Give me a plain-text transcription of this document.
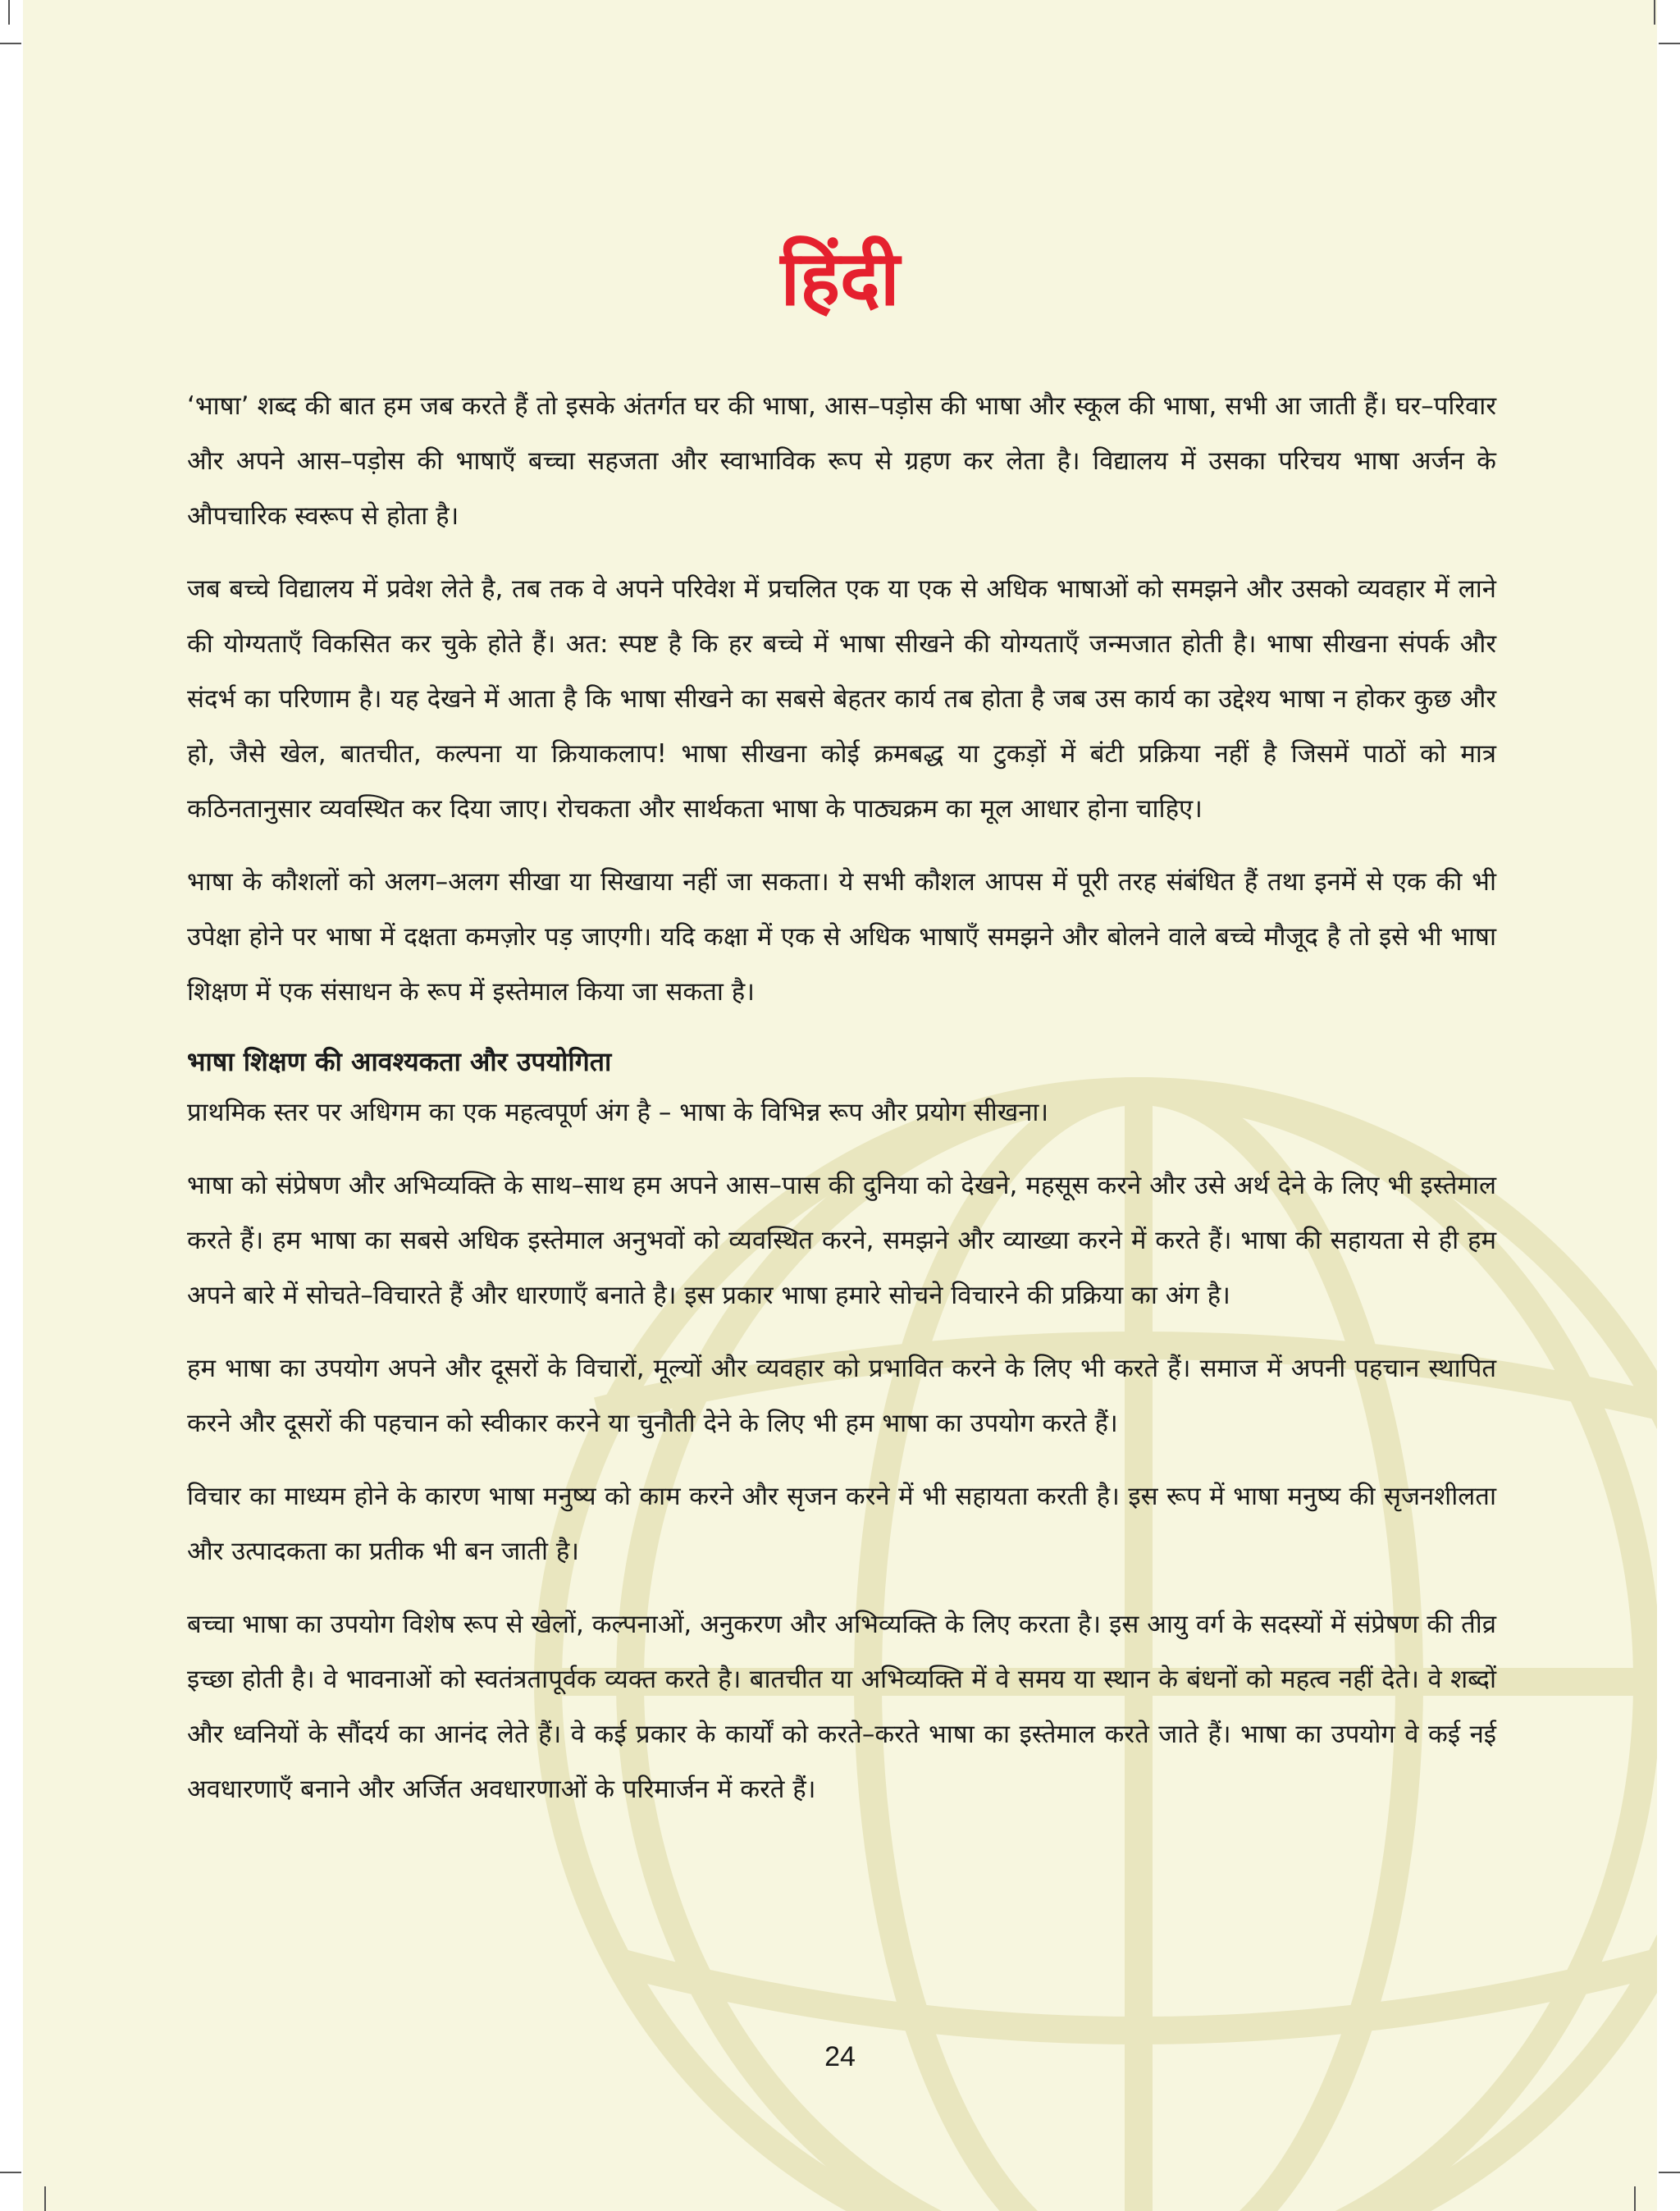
हिंदी

‘भाषा’ शब्द की बात हम जब करते हैं तो इसके अंतर्गत घर की भाषा, आस–पड़ोस की भाषा और स्कूल की भाषा, सभी आ जाती हैं। घर–परिवार और अपने आस–पड़ोस की भाषाएँ बच्चा सहजता और स्वाभाविक रूप से ग्रहण कर लेता है। विद्यालय में उसका परिचय भाषा अर्जन के औपचारिक स्वरूप से होता है।

जब बच्चे विद्यालय में प्रवेश लेते है, तब तक वे अपने परिवेश में प्रचलित एक या एक से अधिक भाषाओं को समझने और उसको व्यवहार में लाने की योग्यताएँ विकसित कर चुके होते हैं। अत: स्पष्ट है कि हर बच्चे में भाषा सीखने की योग्यताएँ जन्मजात होती है। भाषा सीखना संपर्क और संदर्भ का परिणाम है। यह देखने में आता है कि भाषा सीखने का सबसे बेहतर कार्य तब होता है जब उस कार्य का उद्देश्य भाषा न होकर कुछ और हो, जैसे खेल, बातचीत, कल्पना या क्रियाकलाप! भाषा सीखना कोई क्रमबद्ध या टुकड़ों में बंटी प्रक्रिया नहीं है जिसमें पाठों को मात्र कठिनतानुसार व्यवस्थित कर दिया जाए। रोचकता और सार्थकता भाषा के पाठ्यक्रम का मूल आधार होना चाहिए।

भाषा के कौशलों को अलग–अलग सीखा या सिखाया नहीं जा सकता। ये सभी कौशल आपस में पूरी तरह संबंधित हैं तथा इनमें से एक की भी उपेक्षा होने पर भाषा में दक्षता कमज़ोर पड़ जाएगी। यदि कक्षा में एक से अधिक भाषाएँ समझने और बोलने वाले बच्चे मौजूद है तो इसे भी भाषा शिक्षण में एक संसाधन के रूप में इस्तेमाल किया जा सकता है।

भाषा शिक्षण की आवश्यकता और उपयोगिता

प्राथमिक स्तर पर अधिगम का एक महत्वपूर्ण अंग है – भाषा के विभिन्न रूप और प्रयोग सीखना।

भाषा को संप्रेषण और अभिव्यक्ति के साथ–साथ हम अपने आस–पास की दुनिया को देखने, महसूस करने और उसे अर्थ देने के लिए भी इस्तेमाल करते हैं। हम भाषा का सबसे अधिक इस्तेमाल अनुभवों को व्यवस्थित करने, समझने और व्याख्या करने में करते हैं। भाषा की सहायता से ही हम अपने बारे में सोचते–विचारते हैं और धारणाएँ बनाते है। इस प्रकार भाषा हमारे सोचने विचारने की प्रक्रिया का अंग है।

हम भाषा का उपयोग अपने और दूसरों के विचारों, मूल्यों और व्यवहार को प्रभावित करने के लिए भी करते हैं। समाज में अपनी पहचान स्थापित करने और दूसरों की पहचान को स्वीकार करने या चुनौती देने के लिए भी हम भाषा का उपयोग करते हैं।

विचार का माध्यम होने के कारण भाषा मनुष्य को काम करने और सृजन करने में भी सहायता करती है। इस रूप में भाषा मनुष्य की सृजनशीलता और उत्पादकता का प्रतीक भी बन जाती है।

बच्चा भाषा का उपयोग विशेष रूप से खेलों, कल्पनाओं, अनुकरण और अभिव्यक्ति के लिए करता है। इस आयु वर्ग के सदस्यों में संप्रेषण की तीव्र इच्छा होती है। वे भावनाओं को स्वतंत्रतापूर्वक व्यक्त करते है। बातचीत या अभिव्यक्ति में वे समय या स्थान के बंधनों को महत्व नहीं देते। वे शब्दों और ध्वनियों के सौंदर्य का आनंद लेते हैं। वे कई प्रकार के कार्यों को करते–करते भाषा का इस्तेमाल करते जाते हैं। भाषा का उपयोग वे कई नई अवधारणाएँ बनाने और अर्जित अवधारणाओं के परिमार्जन में करते हैं।

24
